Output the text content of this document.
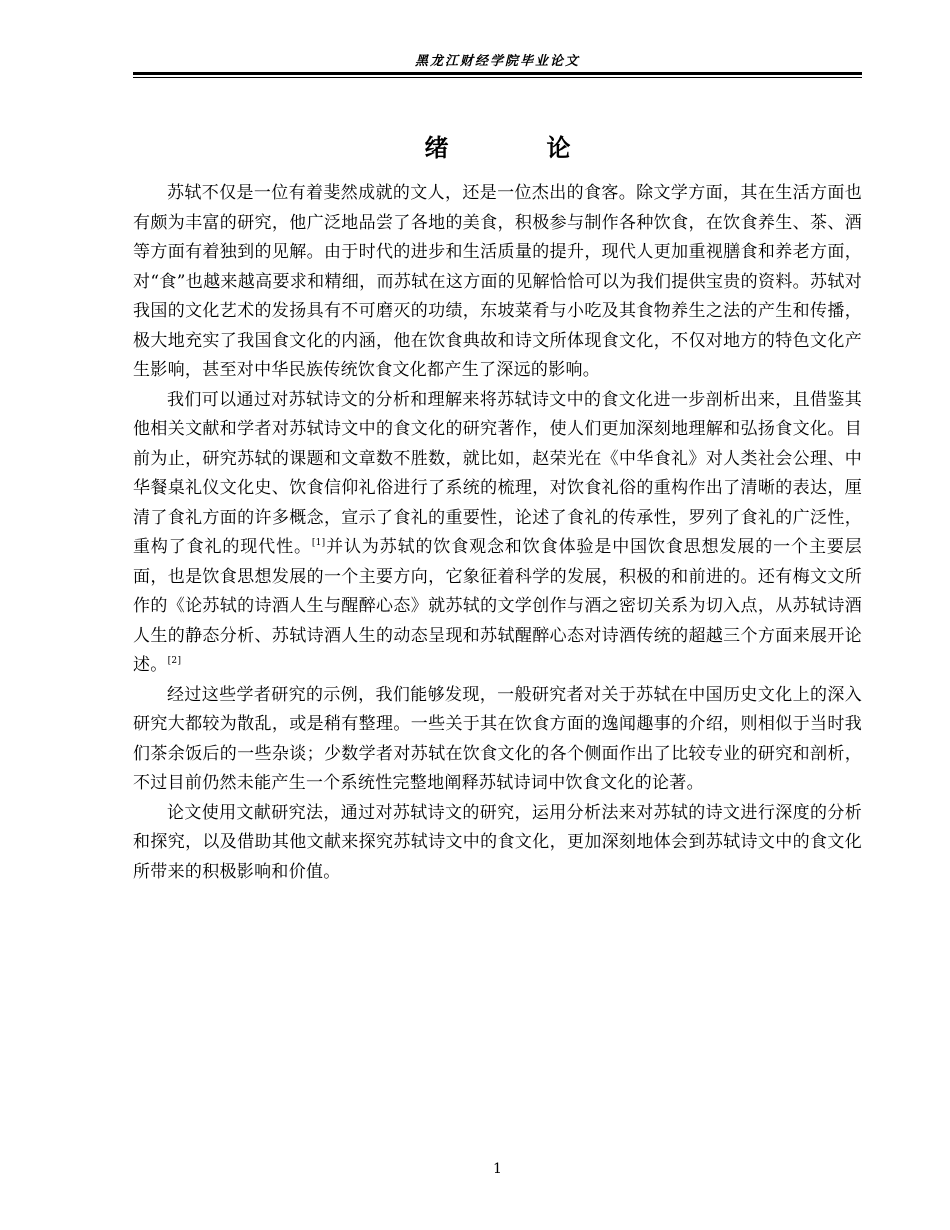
黑龙江财经学院毕业论文
绪	论

苏轼不仅是一位有着斐然成就的文人，还是一位杰出的食客。除文学方面，其在生活方面也有颇为丰富的研究，他广泛地品尝了各地的美食，积极参与制作各种饮食，在饮食养生、茶、酒等方面有着独到的见解。由于时代的进步和生活质量的提升，现代人更加重视膳食和养老方面，对“食”也越来越高要求和精细，而苏轼在这方面的见解恰恰可以为我们提供宝贵的资料。苏轼对我国的文化艺术的发扬具有不可磨灭的功绩，东坡菜肴与小吃及其食物养生之法的产生和传播，极大地充实了我国食文化的内涵，他在饮食典故和诗文所体现食文化，不仅对地方的特色文化产生影响，甚至对中华民族传统饮食文化都产生了深远的影响。

我们可以通过对苏轼诗文的分析和理解来将苏轼诗文中的食文化进一步剖析出来，且借鉴其他相关文献和学者对苏轼诗文中的食文化的研究著作，使人们更加深刻地理解和弘扬食文化。目前为止，研究苏轼的课题和文章数不胜数，就比如，赵荣光在《中华食礼》对人类社会公理、中华餐桌礼仪文化史、饮食信仰礼俗进行了系统的梳理，对饮食礼俗的重构作出了清晰的表达，厘清了食礼方面的许多概念，宣示了食礼的重要性，论述了食礼的传承性，罗列了食礼的广泛性，重构了食礼的现代性。[1]并认为苏轼的饮食观念和饮食体验是中国饮食思想发展的一个主要层面，也是饮食思想发展的一个主要方向，它象征着科学的发展，积极的和前进的。还有梅文文所作的《论苏轼的诗酒人生与醒醉心态》就苏轼的文学创作与酒之密切关系为切入点，从苏轼诗酒人生的静态分析、苏轼诗酒人生的动态呈现和苏轼醒醉心态对诗酒传统的超越三个方面来展开论述。[2]

经过这些学者研究的示例，我们能够发现，一般研究者对关于苏轼在中国历史文化上的深入研究大都较为散乱，或是稍有整理。一些关于其在饮食方面的逸闻趣事的介绍，则相似于当时我们茶余饭后的一些杂谈；少数学者对苏轼在饮食文化的各个侧面作出了比较专业的研究和剖析，不过目前仍然未能产生一个系统性完整地阐释苏轼诗词中饮食文化的论著。

论文使用文献研究法，通过对苏轼诗文的研究，运用分析法来对苏轼的诗文进行深度的分析和探究，以及借助其他文献来探究苏轼诗文中的食文化，更加深刻地体会到苏轼诗文中的食文化所带来的积极影响和价值。

1
